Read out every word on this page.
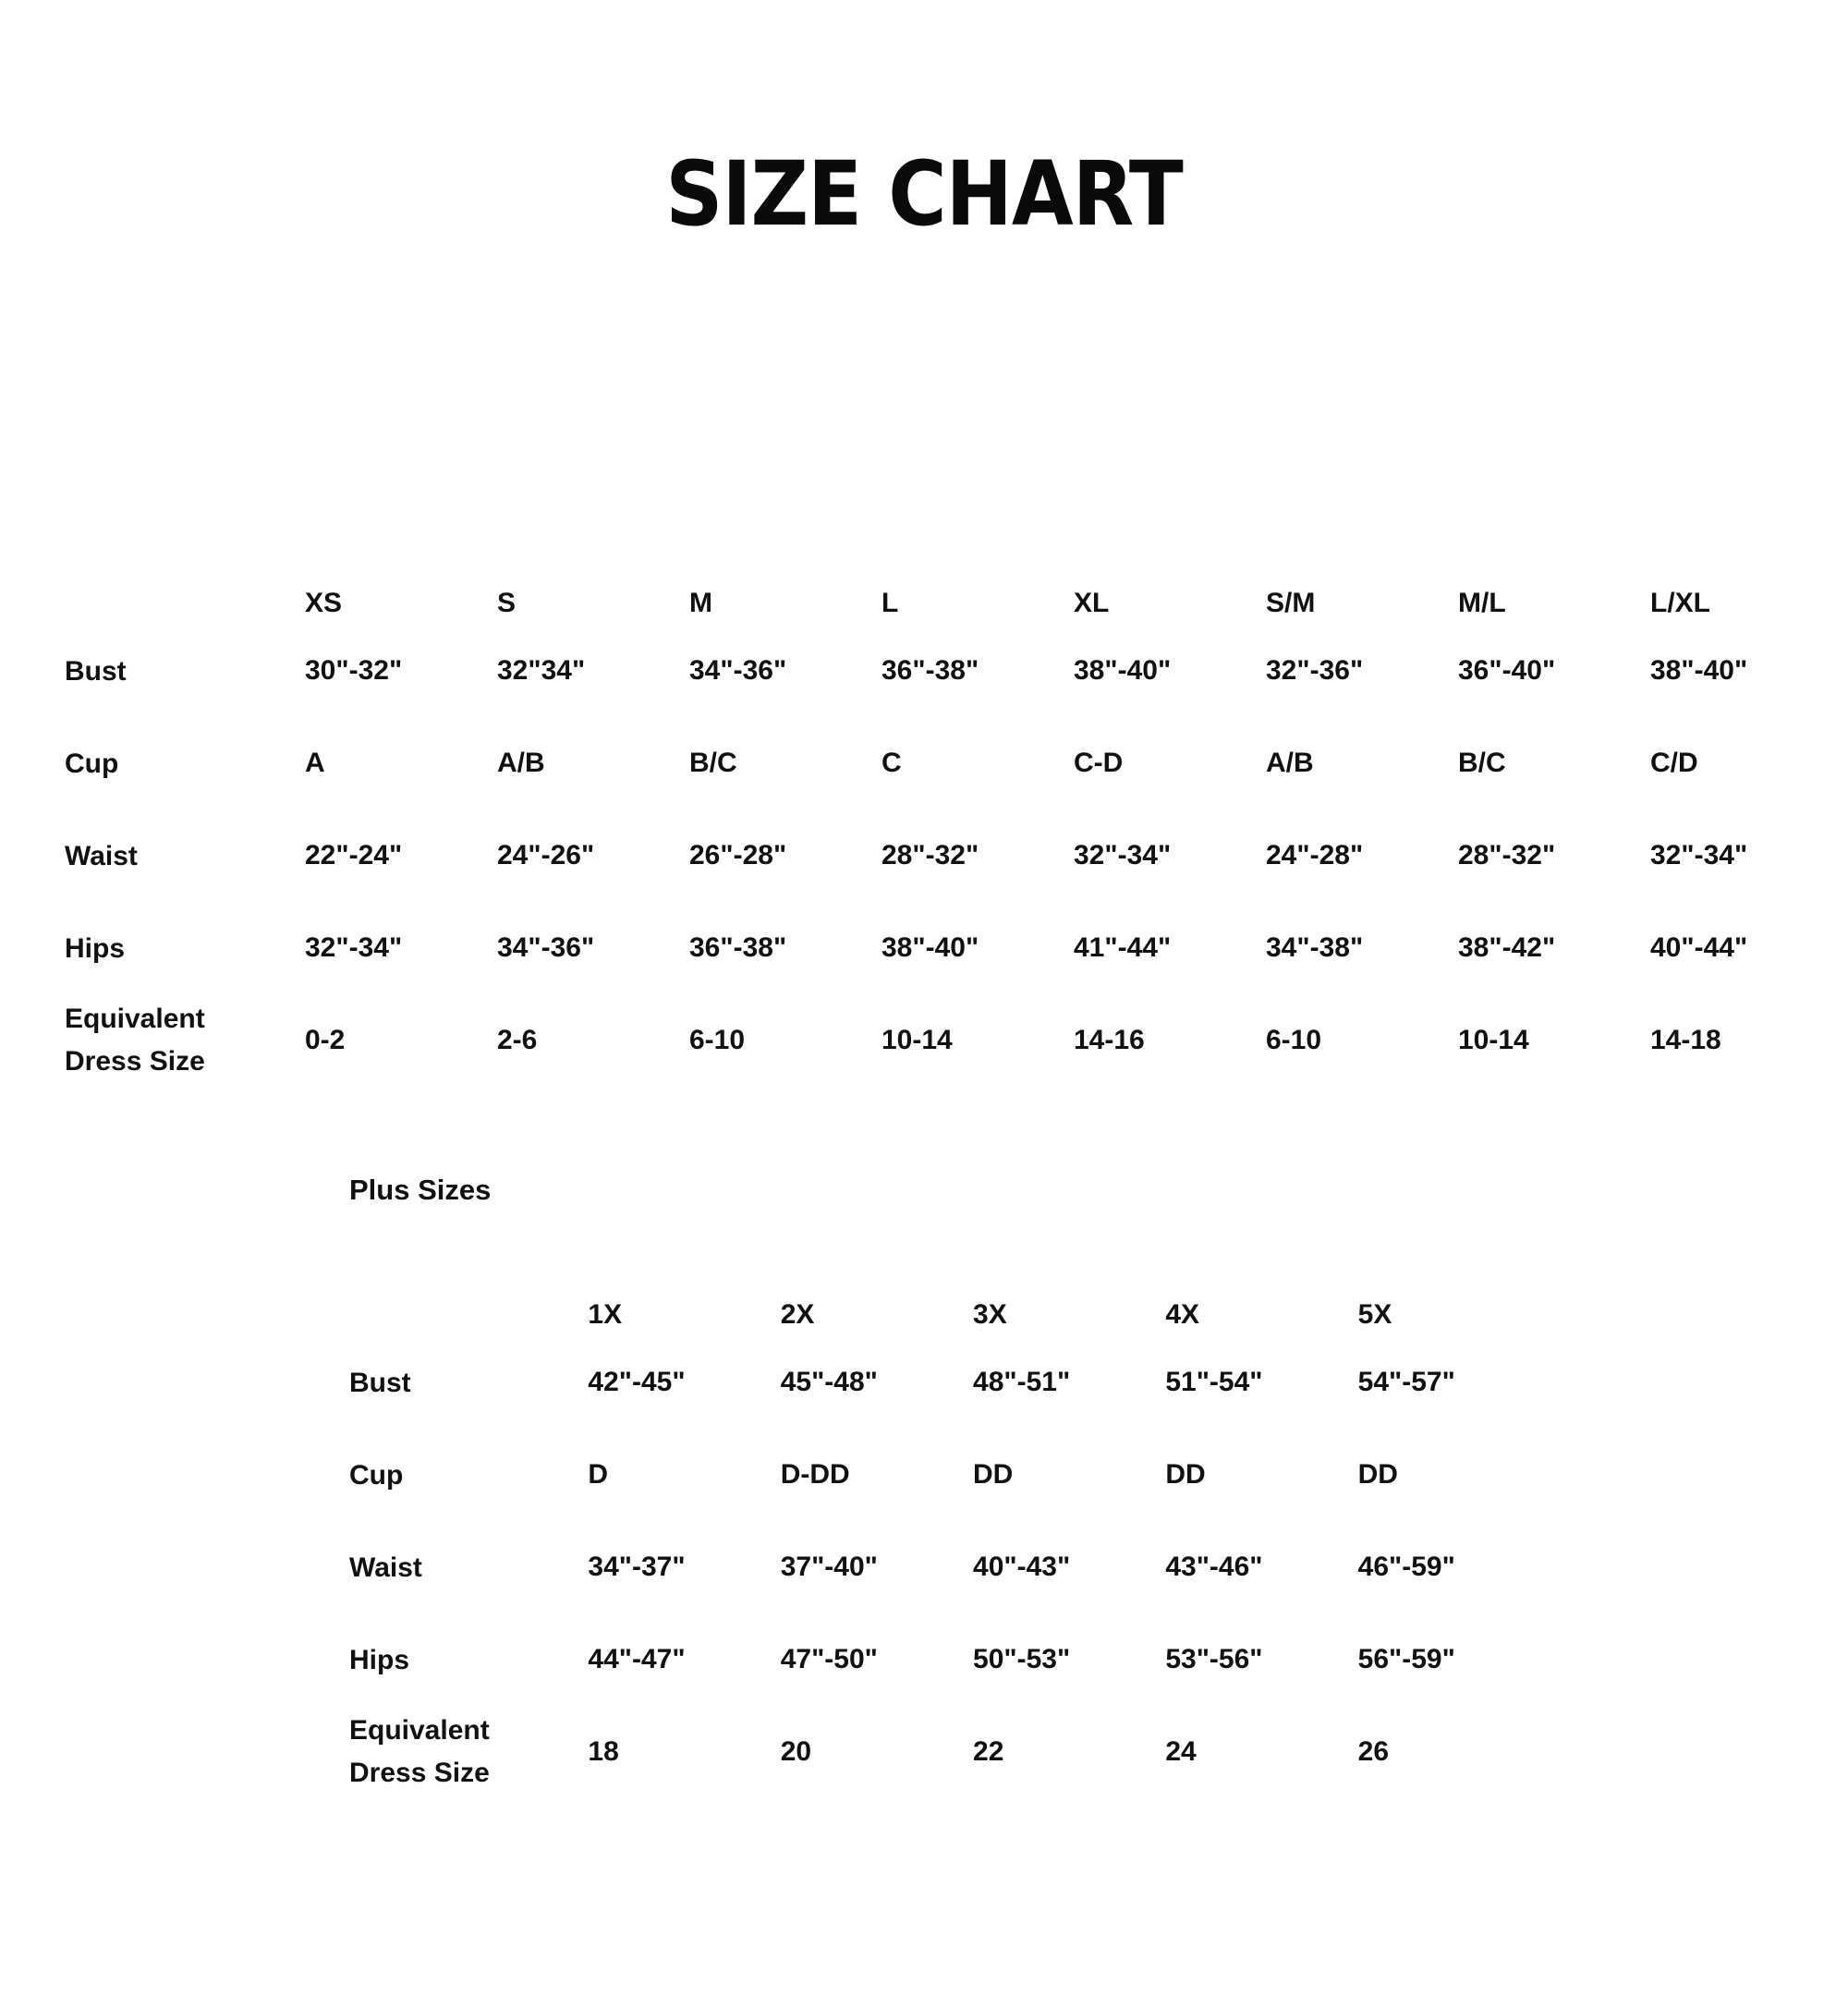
SIZE CHART
	XS	S	M	L	XL	S/M	M/L	L/XL
Bust	30"-32"	32"34"	34"-36"	36"-38"	38"-40"	32"-36"	36"-40"	38"-40"
Cup	A	A/B	B/C	C	C-D	A/B	B/C	C/D
Waist	22"-24"	24"-26"	26"-28"	28"-32"	32"-34"	24"-28"	28"-32"	32"-34"
Hips	32"-34"	34"-36"	36"-38"	38"-40"	41"-44"	34"-38"	38"-42"	40"-44"

Equivalent
Dress Size	0-2	2-6	6-10	10-14	14-16	6-10	10-14	14-18
Plus Sizes
	1X	2X	3X	4X	5X
Bust	42"-45"	45"-48"	48"-51"	51"-54"	54"-57"
Cup	D	D-DD	DD	DD	DD
Waist	34"-37"	37"-40"	40"-43"	43"-46"	46"-59"
Hips	44"-47"	47"-50"	50"-53"	53"-56"	56"-59"

Equivalent
Dress Size	18	20	22	24	26
